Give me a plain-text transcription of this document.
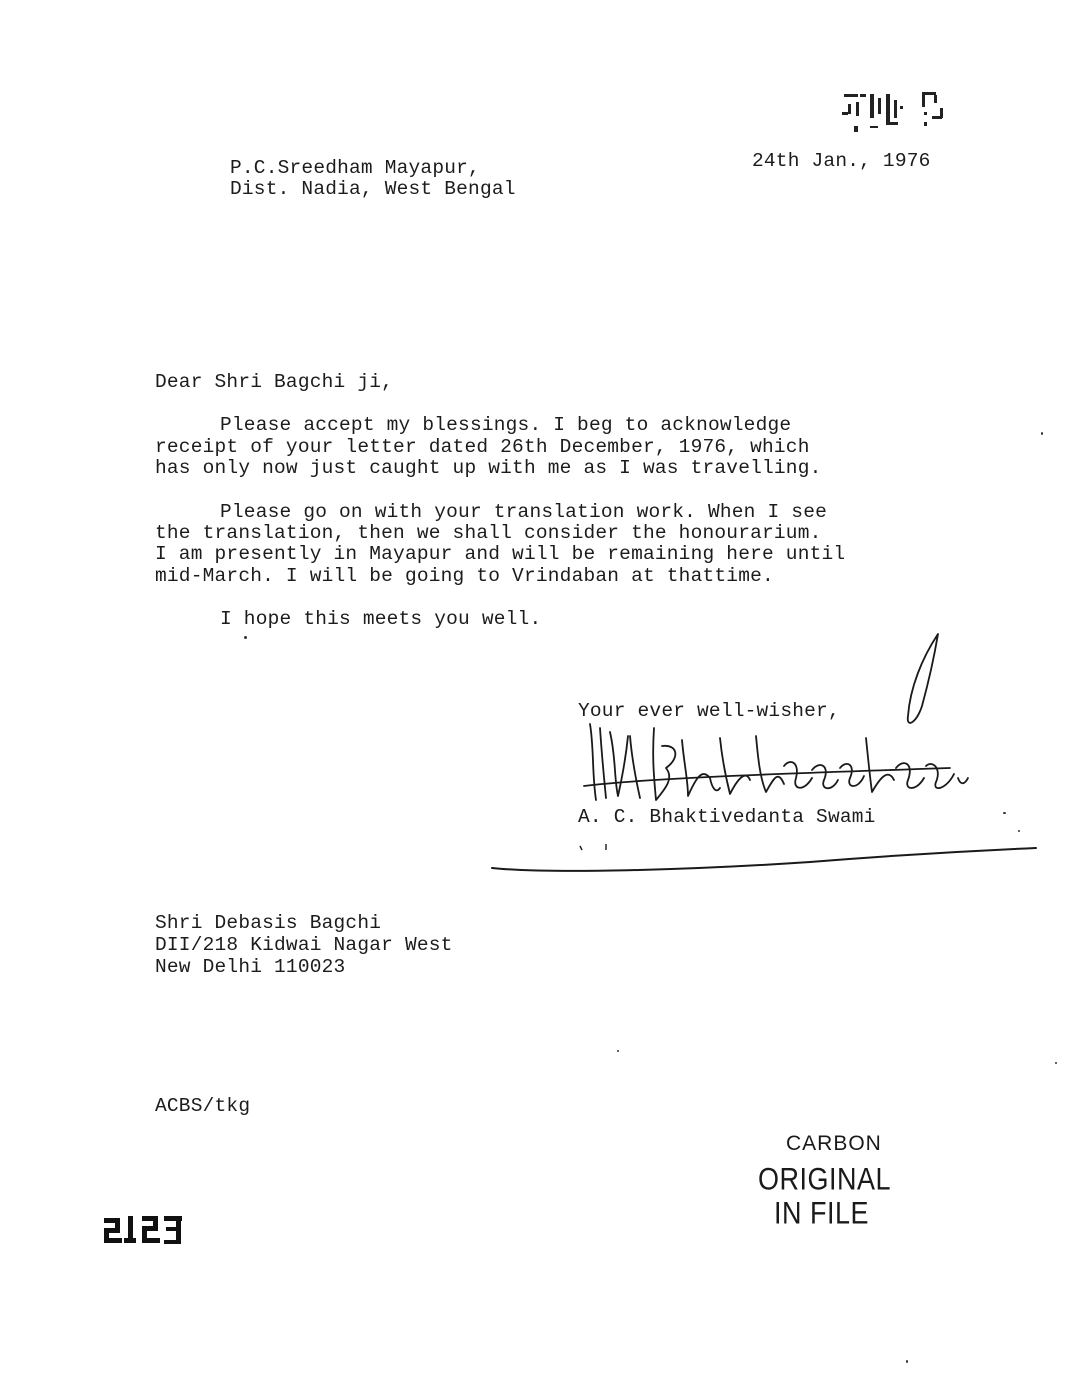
24th Jan., 1976
P.C.Sreedham Mayapur,
Dist. Nadia, West Bengal
Dear Shri Bagchi ji,
Please accept my blessings. I beg to acknowledge
receipt of your letter dated 26th December, 1976, which
has only now just caught up with me as I was travelling.
Please go on with your translation work. When I see
the translation, then we shall consider the honourarium.
I am presently in Mayapur and will be remaining here until
mid-March. I will be going to Vrindaban at thattime.
I hope this meets you well.
Your ever well-wisher,
A. C. Bhaktivedanta Swami
Shri Debasis Bagchi
DII/218 Kidwai Nagar West
New Delhi 110023
ACBS/tkg
CARBON
ORIGINAL
IN FILE
